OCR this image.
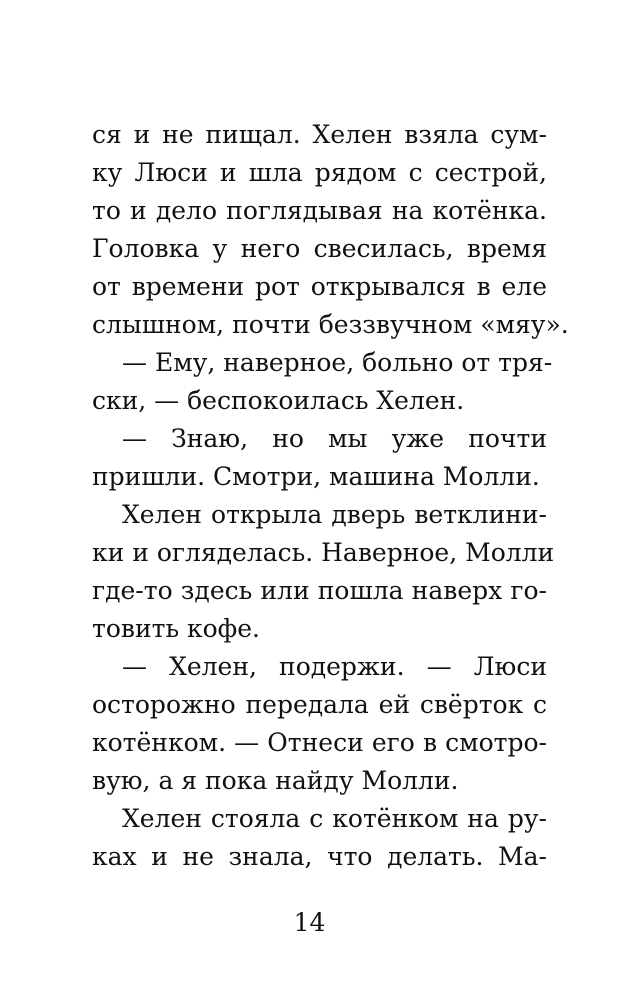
ся и не пищал. Хелен взяла сум-
ку Люси и шла рядом с сестрой,
то и дело поглядывая на котёнка.
Головка у него свесилась, время
от времени рот открывался в еле
слышном, почти беззвучном «мяу».
— Ему, наверное, больно от тря-
ски, — беспокоилась Хелен.
— Знаю, но мы уже почти
пришли. Смотри, машина Молли.
Хелен открыла дверь ветклини-
ки и огляделась. Наверное, Молли
где-то здесь или пошла наверх го-
товить кофе.
— Хелен, подержи. — Люси
осторожно передала ей свёрток с
котёнком. — Отнеси его в смотро-
вую, а я пока найду Молли.
Хелен стояла с котёнком на ру-
ках и не знала, что делать. Ма-
14
